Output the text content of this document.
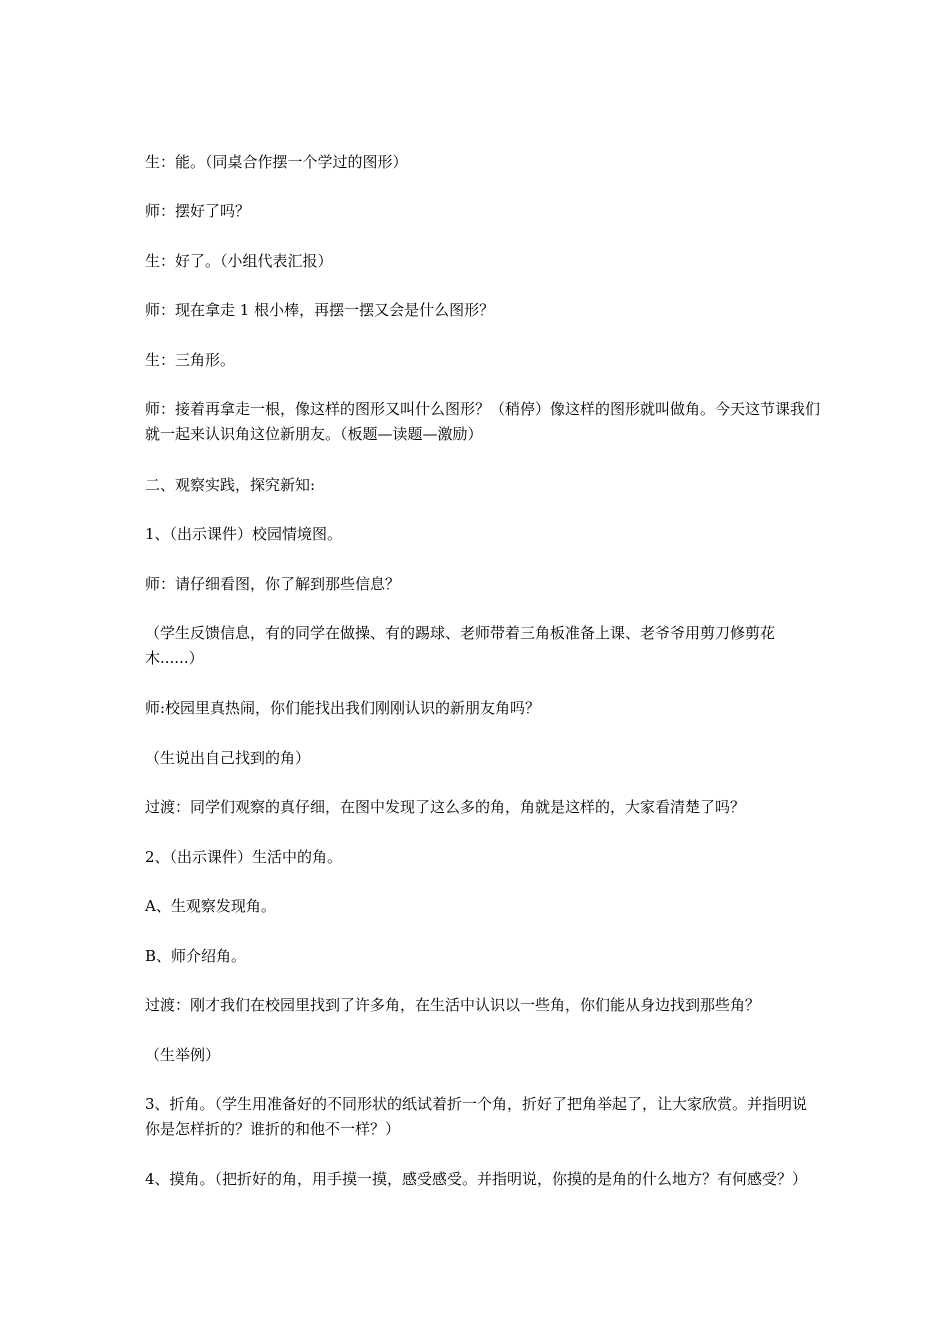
生：能。（同桌合作摆一个学过的图形）

师：摆好了吗？

生：好了。（小组代表汇报）

师：现在拿走 1 根小棒，再摆一摆又会是什么图形？

生：三角形。

师：接着再拿走一根，像这样的图形又叫什么图形？（稍停）像这样的图形就叫做角。今天这节课我们就一起来认识角这位新朋友。（板题—读题—激励）

二、观察实践，探究新知:

1、（出示课件）校园情境图。

师：请仔细看图，你了解到那些信息？

（学生反馈信息，有的同学在做操、有的踢球、老师带着三角板准备上课、老爷爷用剪刀修剪花木......）

师:校园里真热闹，你们能找出我们刚刚认识的新朋友角吗？

（生说出自己找到的角）

过渡：同学们观察的真仔细，在图中发现了这么多的角，角就是这样的，大家看清楚了吗？

2、（出示课件）生活中的角。

A、生观察发现角。

B、师介绍角。

过渡：刚才我们在校园里找到了许多角，在生活中认识以一些角，你们能从身边找到那些角？

（生举例）

3、折角。（学生用准备好的不同形状的纸试着折一个角，折好了把角举起了，让大家欣赏。并指明说你是怎样折的？谁折的和他不一样？）

4、摸角。（把折好的角，用手摸一摸，感受感受。并指明说，你摸的是角的什么地方？有何感受？）
